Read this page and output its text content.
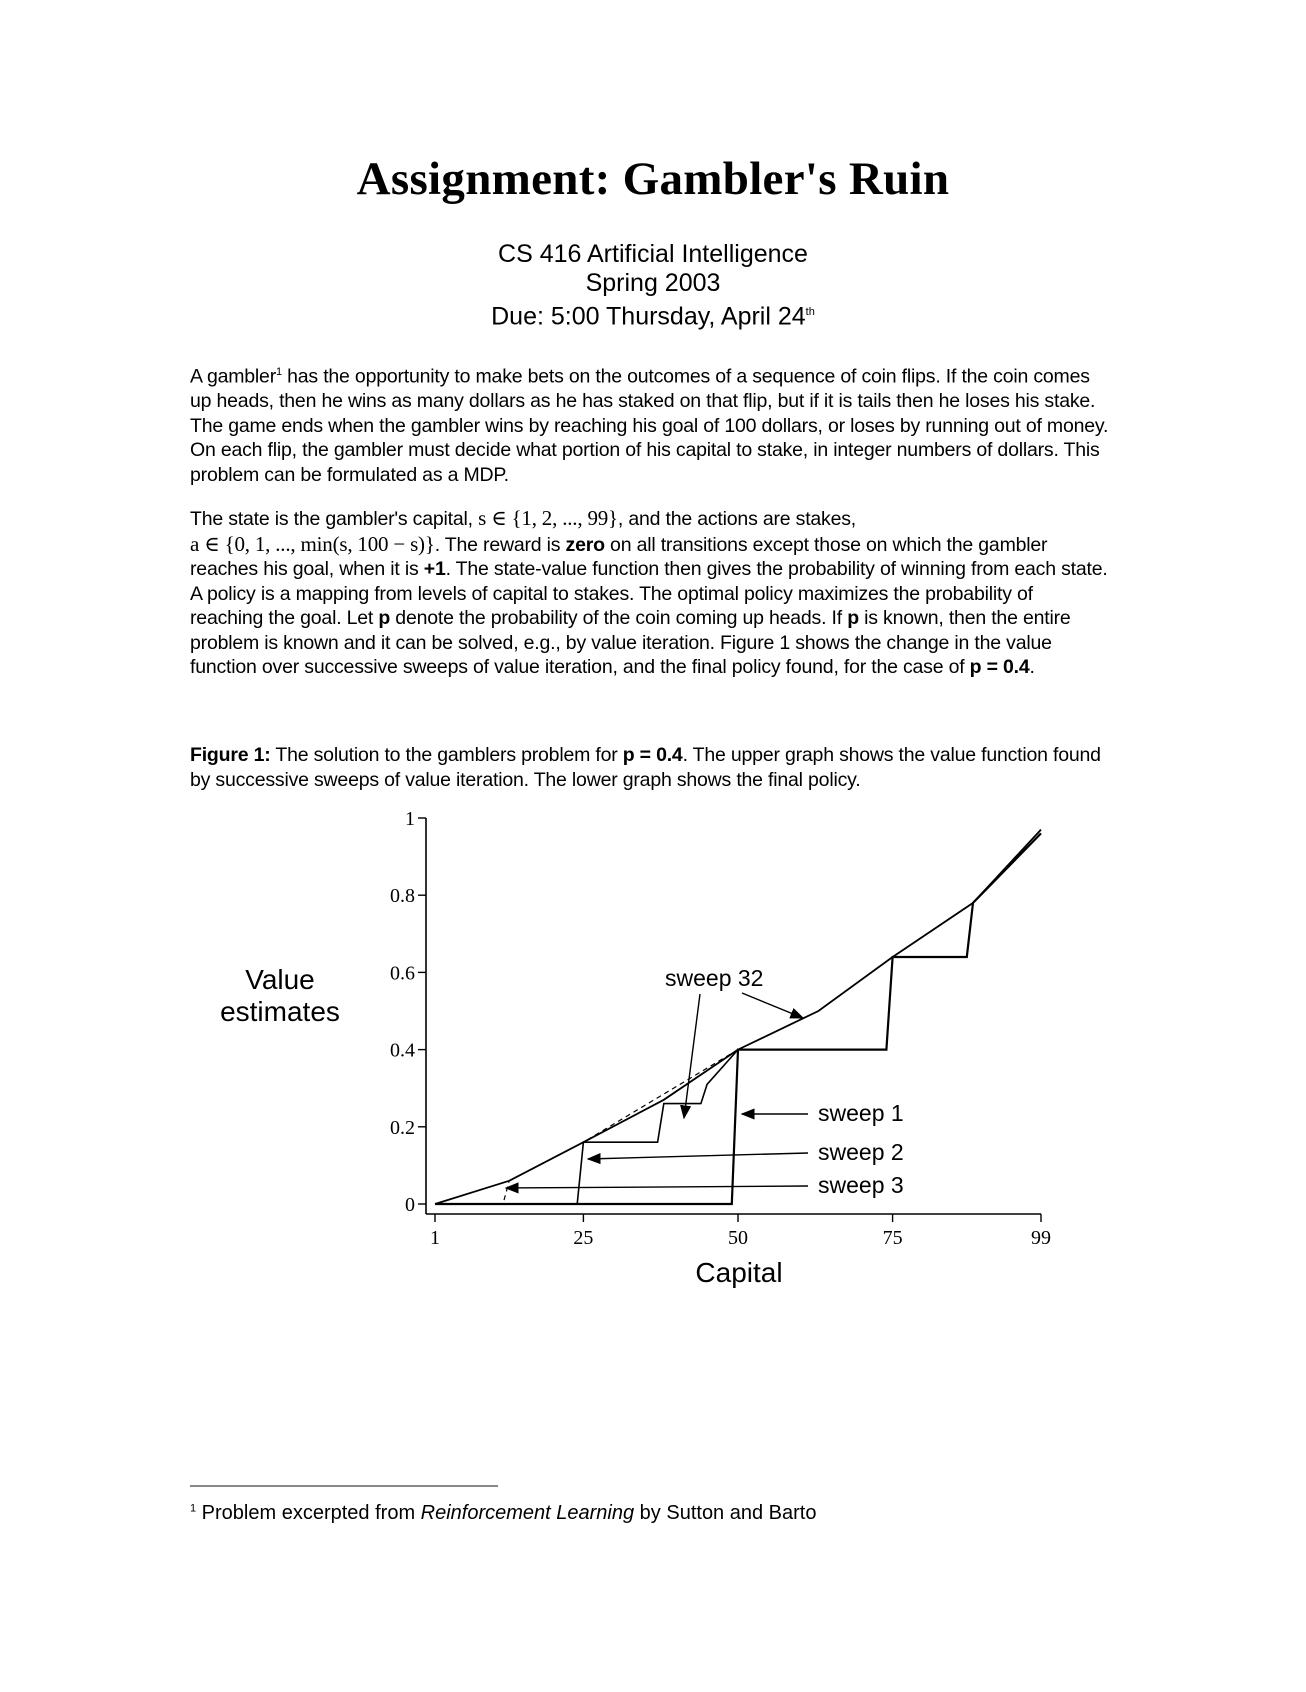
Assignment: Gambler's Ruin
CS 416 Artificial Intelligence
Spring 2003
Due: 5:00 Thursday, April 24th

A gambler$^1$ has the opportunity to make bets on the outcomes of a sequence of coin flips. If the coin comes up heads, then he wins as many dollars as he has staked on that flip, but if it is tails then he loses his stake. The game ends when the gambler wins by reaching his goal of 100 dollars, or loses by running out of money. On each flip, the gambler must decide what portion of his capital to stake, in integer numbers of dollars. This problem can be formulated as a MDP.

The state is the gambler's capital, s ∈ {1, 2, ..., 99}, and the actions are stakes,
a ∈ {0, 1, ..., min(s, 100 − s)}. The reward is zero on all transitions except those on which the gambler reaches his goal, when it is +1. The state-value function then gives the probability of winning from each state. A policy is a mapping from levels of capital to stakes. The optimal policy maximizes the probability of reaching the goal. Let p denote the probability of the coin coming up heads. If p is known, then the entire problem is known and it can be solved, e.g., by value iteration. Figure 1 shows the change in the value function over successive sweeps of value iteration, and the final policy found, for the case of p = 0.4.

Figure 1: The solution to the gamblers problem for p = 0.4. The upper graph shows the value function found by successive sweeps of value iteration. The lower graph shows the final policy.

0
0.2
0.4
0.6
0.8
1
1	25	50	75	99
sweep 32
sweep 1
sweep 2
sweep 3
Value
estimates
Capital
$^1$ Problem excerpted from Reinforcement Learning by Sutton and Barto
